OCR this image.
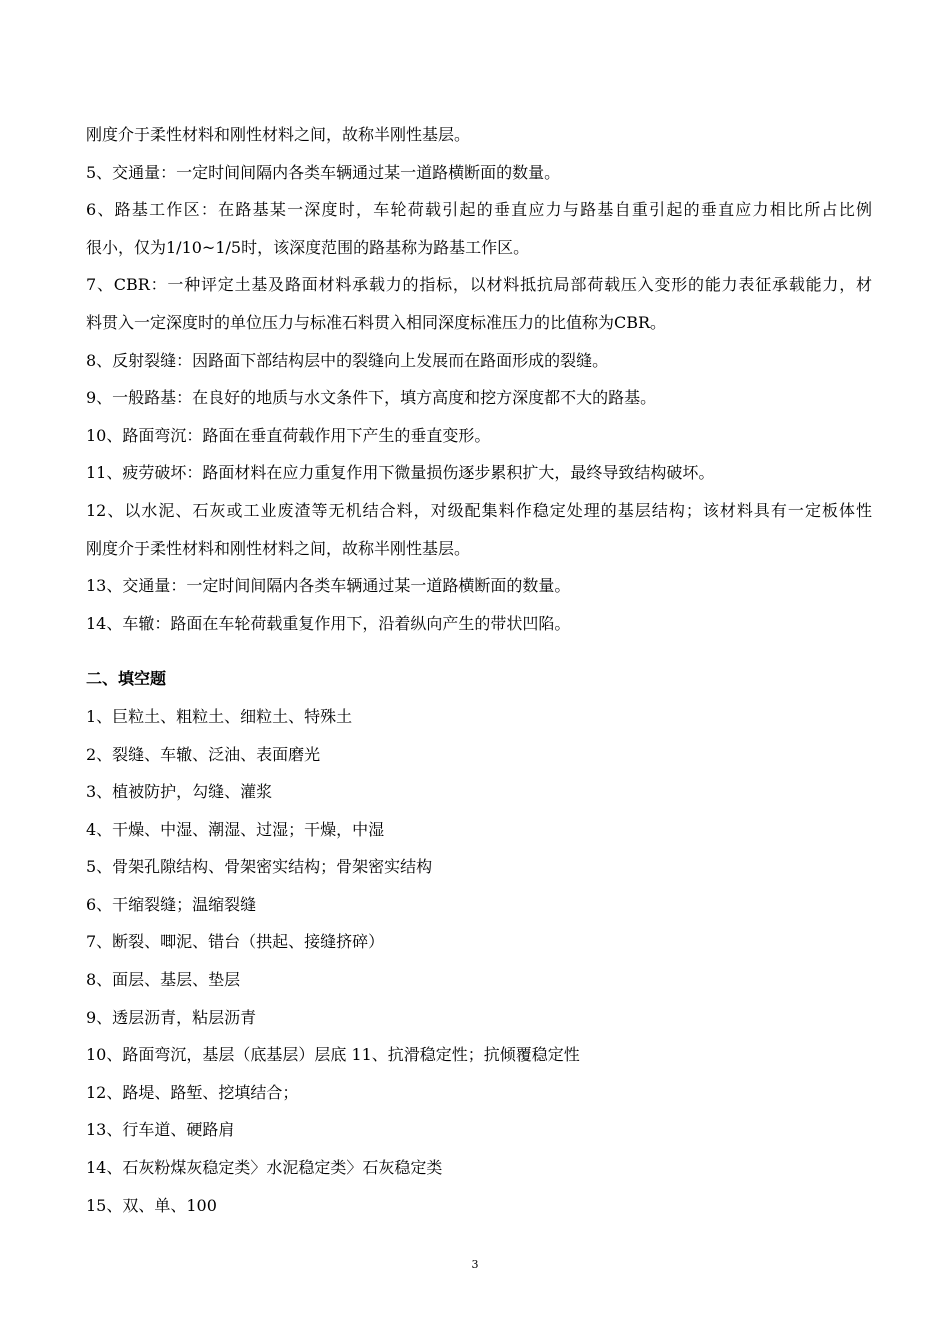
刚度介于柔性材料和刚性材料之间，故称半刚性基层。
5、交通量：一定时间间隔内各类车辆通过某一道路横断面的数量。
6、路基工作区：在路基某一深度时，车轮荷载引起的垂直应力与路基自重引起的垂直应力相比所占比例
很小，仅为1/10~1/5时，该深度范围的路基称为路基工作区。
7、CBR：一种评定土基及路面材料承载力的指标，以材料抵抗局部荷载压入变形的能力表征承载能力，材
料贯入一定深度时的单位压力与标准石料贯入相同深度标准压力的比值称为CBR。
8、反射裂缝：因路面下部结构层中的裂缝向上发展而在路面形成的裂缝。
9、一般路基：在良好的地质与水文条件下，填方高度和挖方深度都不大的路基。
10、路面弯沉：路面在垂直荷载作用下产生的垂直变形。
11、疲劳破坏：路面材料在应力重复作用下微量损伤逐步累积扩大，最终导致结构破坏。
12、以水泥、石灰或工业废渣等无机结合料，对级配集料作稳定处理的基层结构；该材料具有一定板体性
刚度介于柔性材料和刚性材料之间，故称半刚性基层。
13、交通量：一定时间间隔内各类车辆通过某一道路横断面的数量。
14、车辙：路面在车轮荷载重复作用下，沿着纵向产生的带状凹陷。
二、填空题
1、巨粒土、粗粒土、细粒土、特殊土
2、裂缝、车辙、泛油、表面磨光
3、植被防护，勾缝、灌浆
4、干燥、中湿、潮湿、过湿；干燥，中湿
5、骨架孔隙结构、骨架密实结构；骨架密实结构
6、干缩裂缝；温缩裂缝
7、断裂、唧泥、错台（拱起、接缝挤碎）
8、面层、基层、垫层
9、透层沥青，粘层沥青
10、路面弯沉，基层（底基层）层底 11、抗滑稳定性；抗倾覆稳定性
12、路堤、路堑、挖填结合；
13、行车道、硬路肩
14、石灰粉煤灰稳定类〉水泥稳定类〉石灰稳定类
15、双、单、100
3
